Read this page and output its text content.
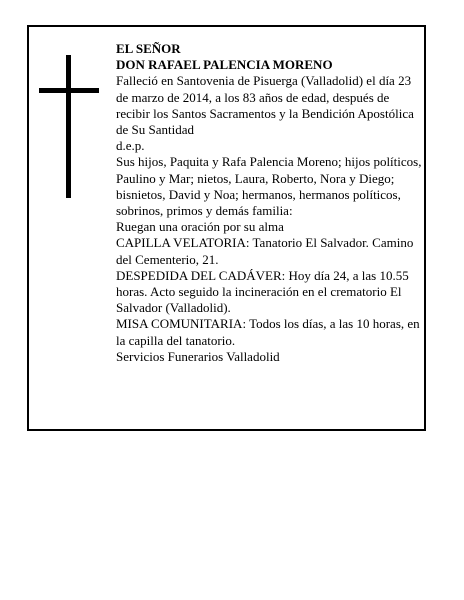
EL SEÑOR

DON RAFAEL PALENCIA MORENO

Falleció en Santovenia de Pisuerga (Valladolid) el día 23 de marzo de 2014, a los 83 años de edad, después de recibir los Santos Sacramentos y la Bendición Apostólica de Su Santidad

d.e.p.

Sus hijos, Paquita y Rafa Palencia Moreno; hijos políticos, Paulino y Mar; nietos, Laura, Roberto, Nora y Diego; bisnietos, David y Noa; hermanos, hermanos políticos, sobrinos, primos y demás familia:

Ruegan una oración por su alma

CAPILLA VELATORIA: Tanatorio El Salvador. Camino del Cementerio, 21.

DESPEDIDA DEL CADÁVER: Hoy día 24, a las 10.55 horas. Acto seguido la incineración en el crematorio El Salvador (Valladolid).

MISA COMUNITARIA: Todos los días, a las 10 horas, en la capilla del tanatorio.

Servicios Funerarios Valladolid
